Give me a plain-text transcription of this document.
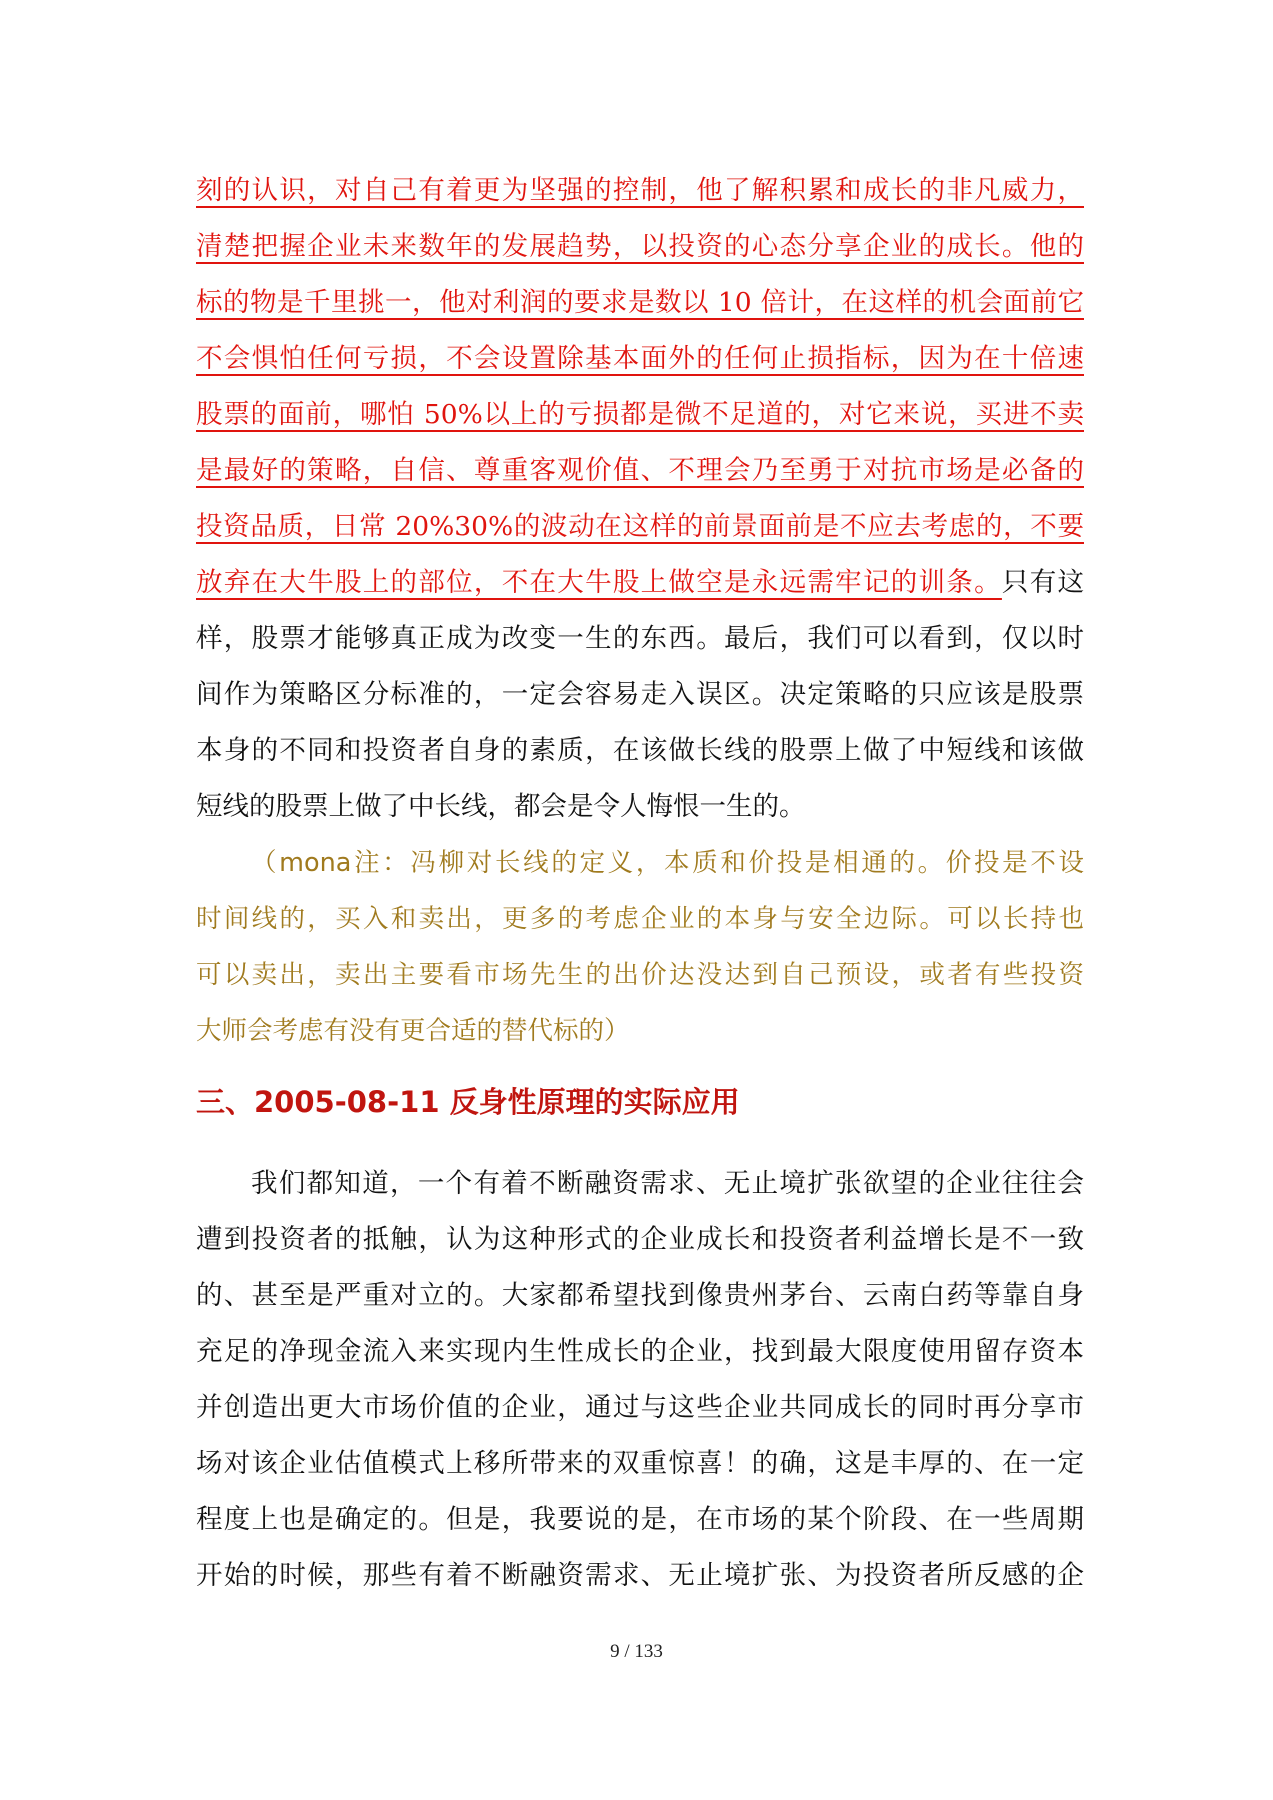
刻的认识，对自己有着更为坚强的控制，他了解积累和成长的非凡威力，
清楚把握企业未来数年的发展趋势，以投资的心态分享企业的成长。他的
标的物是千里挑一，他对利润的要求是数以 10 倍计，在这样的机会面前它
不会惧怕任何亏损，不会设置除基本面外的任何止损指标，因为在十倍速
股票的面前，哪怕 50%以上的亏损都是微不足道的，对它来说，买进不卖
是最好的策略，自信、尊重客观价值、不理会乃至勇于对抗市场是必备的
投资品质，日常 20%30%的波动在这样的前景面前是不应去考虑的，不要
放弃在大牛股上的部位，不在大牛股上做空是永远需牢记的训条。只有这
样，股票才能够真正成为改变一生的东西。最后，我们可以看到，仅以时
间作为策略区分标准的，一定会容易走入误区。决定策略的只应该是股票
本身的不同和投资者自身的素质，在该做长线的股票上做了中短线和该做
短线的股票上做了中长线，都会是令人悔恨一生的。
（mona注：冯柳对长线的定义，本质和价投是相通的。价投是不设
时间线的，买入和卖出，更多的考虑企业的本身与安全边际。可以长持也
可以卖出，卖出主要看市场先生的出价达没达到自己预设，或者有些投资
大师会考虑有没有更合适的替代标的）
三、2005-08-11 反身性原理的实际应用
我们都知道，一个有着不断融资需求、无止境扩张欲望的企业往往会
遭到投资者的抵触，认为这种形式的企业成长和投资者利益增长是不一致
的、甚至是严重对立的。大家都希望找到像贵州茅台、云南白药等靠自身
充足的净现金流入来实现内生性成长的企业，找到最大限度使用留存资本
并创造出更大市场价值的企业，通过与这些企业共同成长的同时再分享市
场对该企业估值模式上移所带来的双重惊喜！的确，这是丰厚的、在一定
程度上也是确定的。但是，我要说的是，在市场的某个阶段、在一些周期
开始的时候，那些有着不断融资需求、无止境扩张、为投资者所反感的企
9 / 133
